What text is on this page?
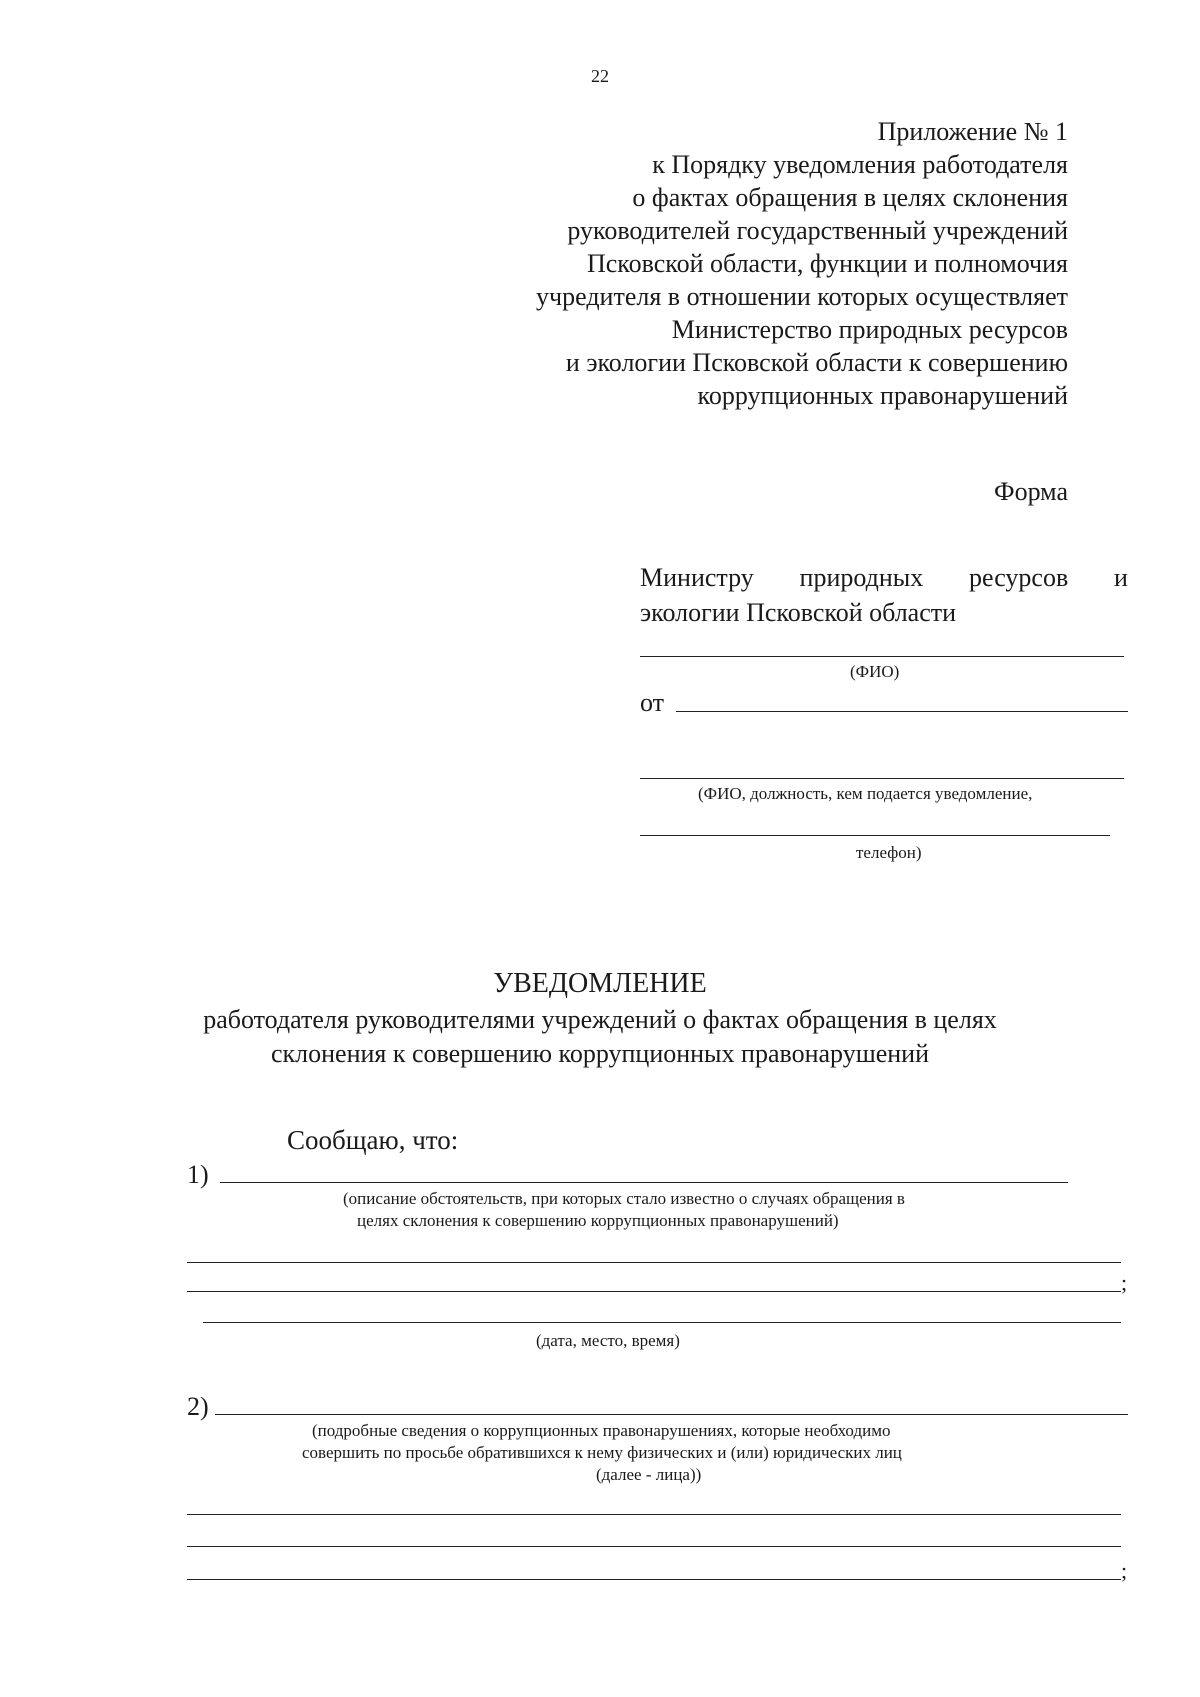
22
Приложение № 1
к Порядку уведомления работодателя
о фактах обращения в целях склонения
руководителей государственный учреждений
Псковской области, функции и полномочия
учредителя в отношении которых осуществляет
Министерство природных ресурсов
и экологии Псковской области к совершению
коррупционных правонарушений
Форма
Министру природных ресурсов и
экологии Псковской области
(ФИО)
от
(ФИО, должность, кем подается уведомление,
телефон)
УВЕДОМЛЕНИЕ
работодателя руководителями учреждений о фактах обращения в целях
склонения к совершению коррупционных правонарушений
Сообщаю, что:
1)
(описание обстоятельств, при которых стало известно о случаях обращения в
целях склонения к совершению коррупционных правонарушений)
;
(дата, место, время)
2)
(подробные сведения о коррупционных правонарушениях, которые необходимо
совершить по просьбе обратившихся к нему физических и (или) юридических лиц
(далее - лица))
;
